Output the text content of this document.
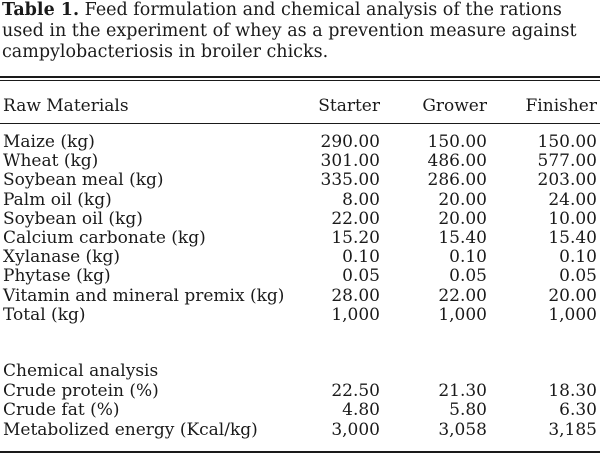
Table 1. Feed formulation and chemical analysis of the rations used in the experiment of whey as a prevention measure against campylobacteriosis in broiler chicks.
Raw Materials	Starter	Grower	Finisher
Maize (kg)	290.00	150.00	150.00
Wheat (kg)	301.00	486.00	577.00
Soybean meal (kg)	335.00	286.00	203.00
Palm oil (kg)	8.00	20.00	24.00
Soybean oil (kg)	22.00	20.00	10.00
Calcium carbonate (kg)	15.20	15.40	15.40
Xylanase (kg)	0.10	0.10	0.10
Phytase (kg)	0.05	0.05	0.05
Vitamin and mineral premix (kg)	28.00	22.00	20.00
Total (kg)	1,000	1,000	1,000
Chemical analysis
Crude protein (%)	22.50	21.30	18.30
Crude fat (%)	4.80	5.80	6.30
Metabolized energy (Kcal/kg)	3,000	3,058	3,185
